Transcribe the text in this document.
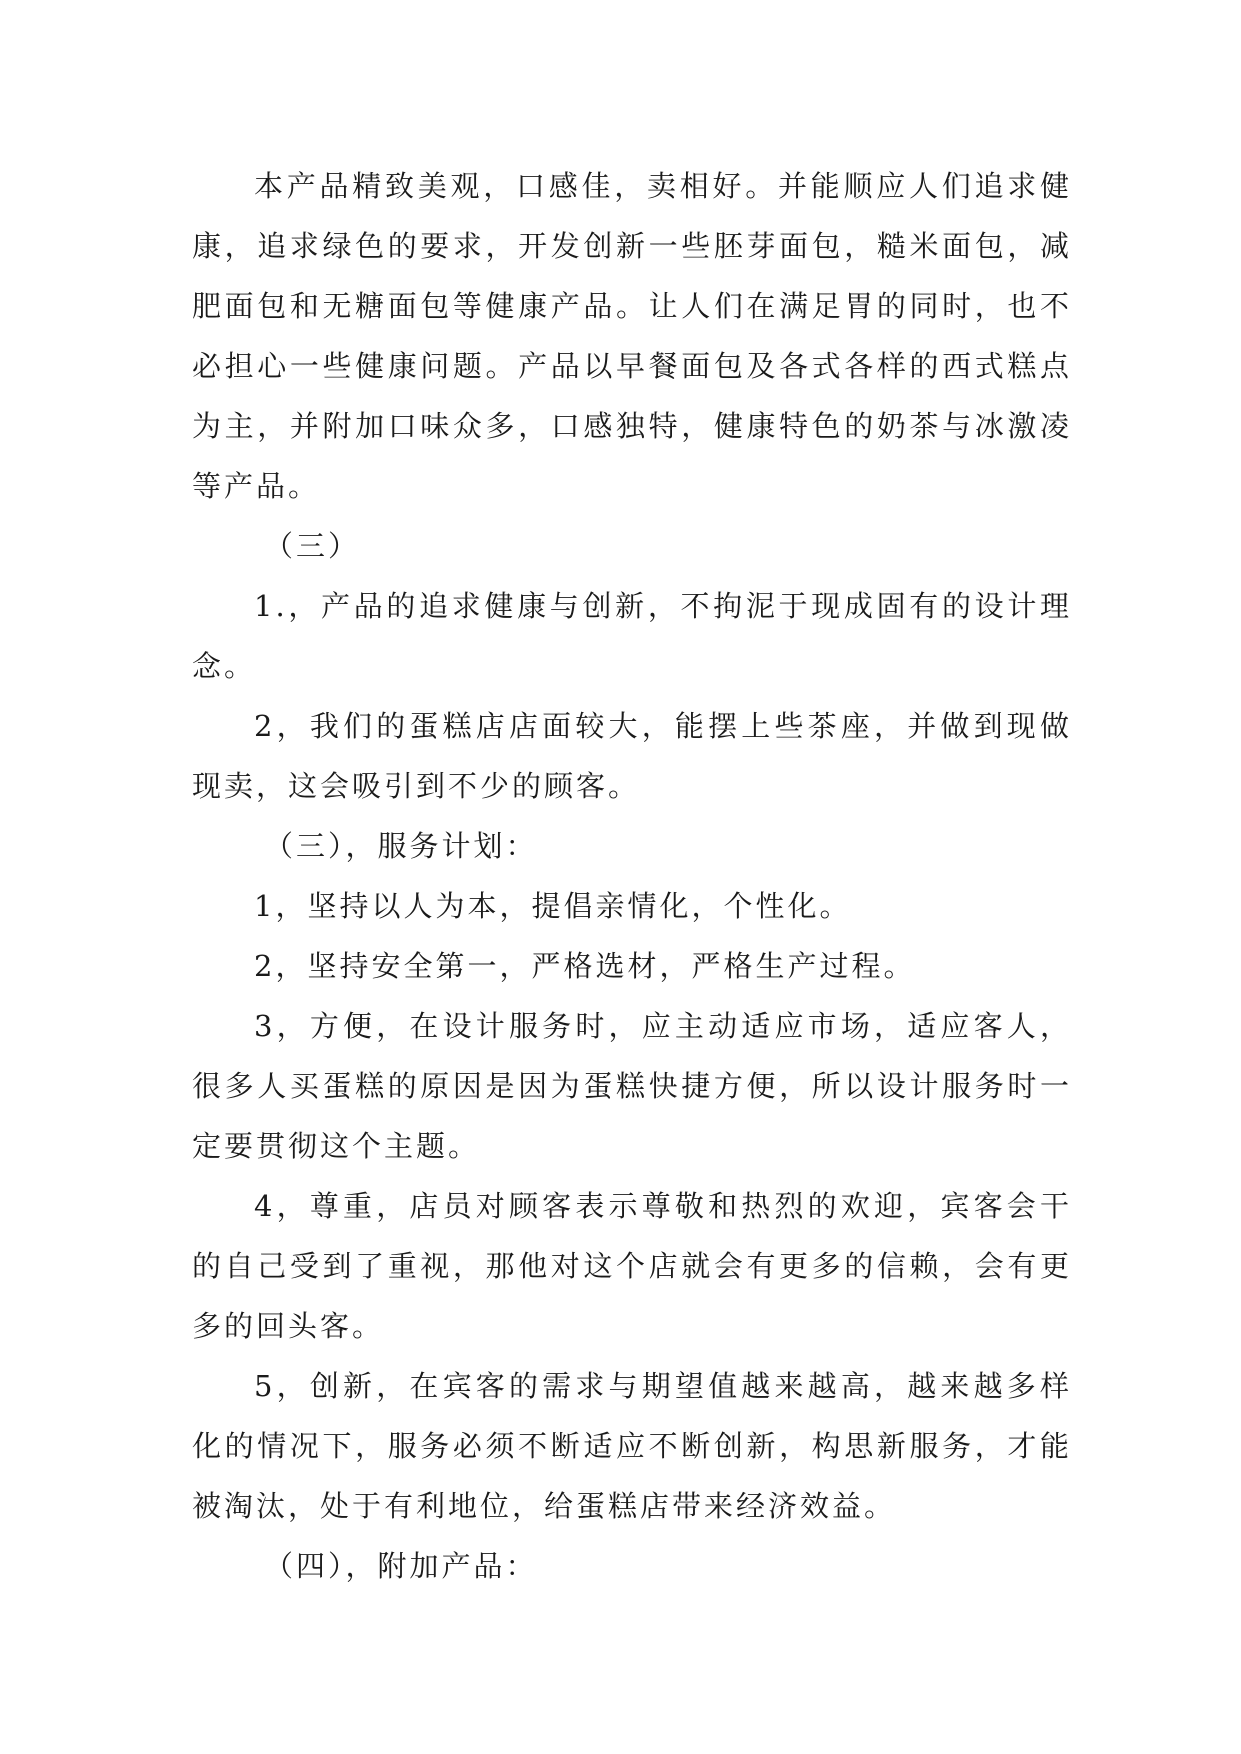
本产品精致美观，口感佳，卖相好。并能顺应人们追求健康，追求绿色的要求，开发创新一些胚芽面包，糙米面包，减肥面包和无糖面包等健康产品。让人们在满足胃的同时，也不必担心一些健康问题。产品以早餐面包及各式各样的西式糕点为主，并附加口味众多，口感独特，健康特色的奶茶与冰激凌等产品。

（三）

1.，产品的追求健康与创新，不拘泥于现成固有的设计理念。

2，我们的蛋糕店店面较大，能摆上些茶座，并做到现做现卖，这会吸引到不少的顾客。

（三），服务计划：

1，坚持以人为本，提倡亲情化，个性化。

2，坚持安全第一，严格选材，严格生产过程。

3，方便，在设计服务时，应主动适应市场，适应客人，很多人买蛋糕的原因是因为蛋糕快捷方便，所以设计服务时一定要贯彻这个主题。

4，尊重，店员对顾客表示尊敬和热烈的欢迎，宾客会干的自己受到了重视，那他对这个店就会有更多的信赖，会有更多的回头客。

5，创新，在宾客的需求与期望值越来越高，越来越多样化的情况下，服务必须不断适应不断创新，构思新服务，才能被淘汰，处于有利地位，给蛋糕店带来经济效益。

（四），附加产品：
